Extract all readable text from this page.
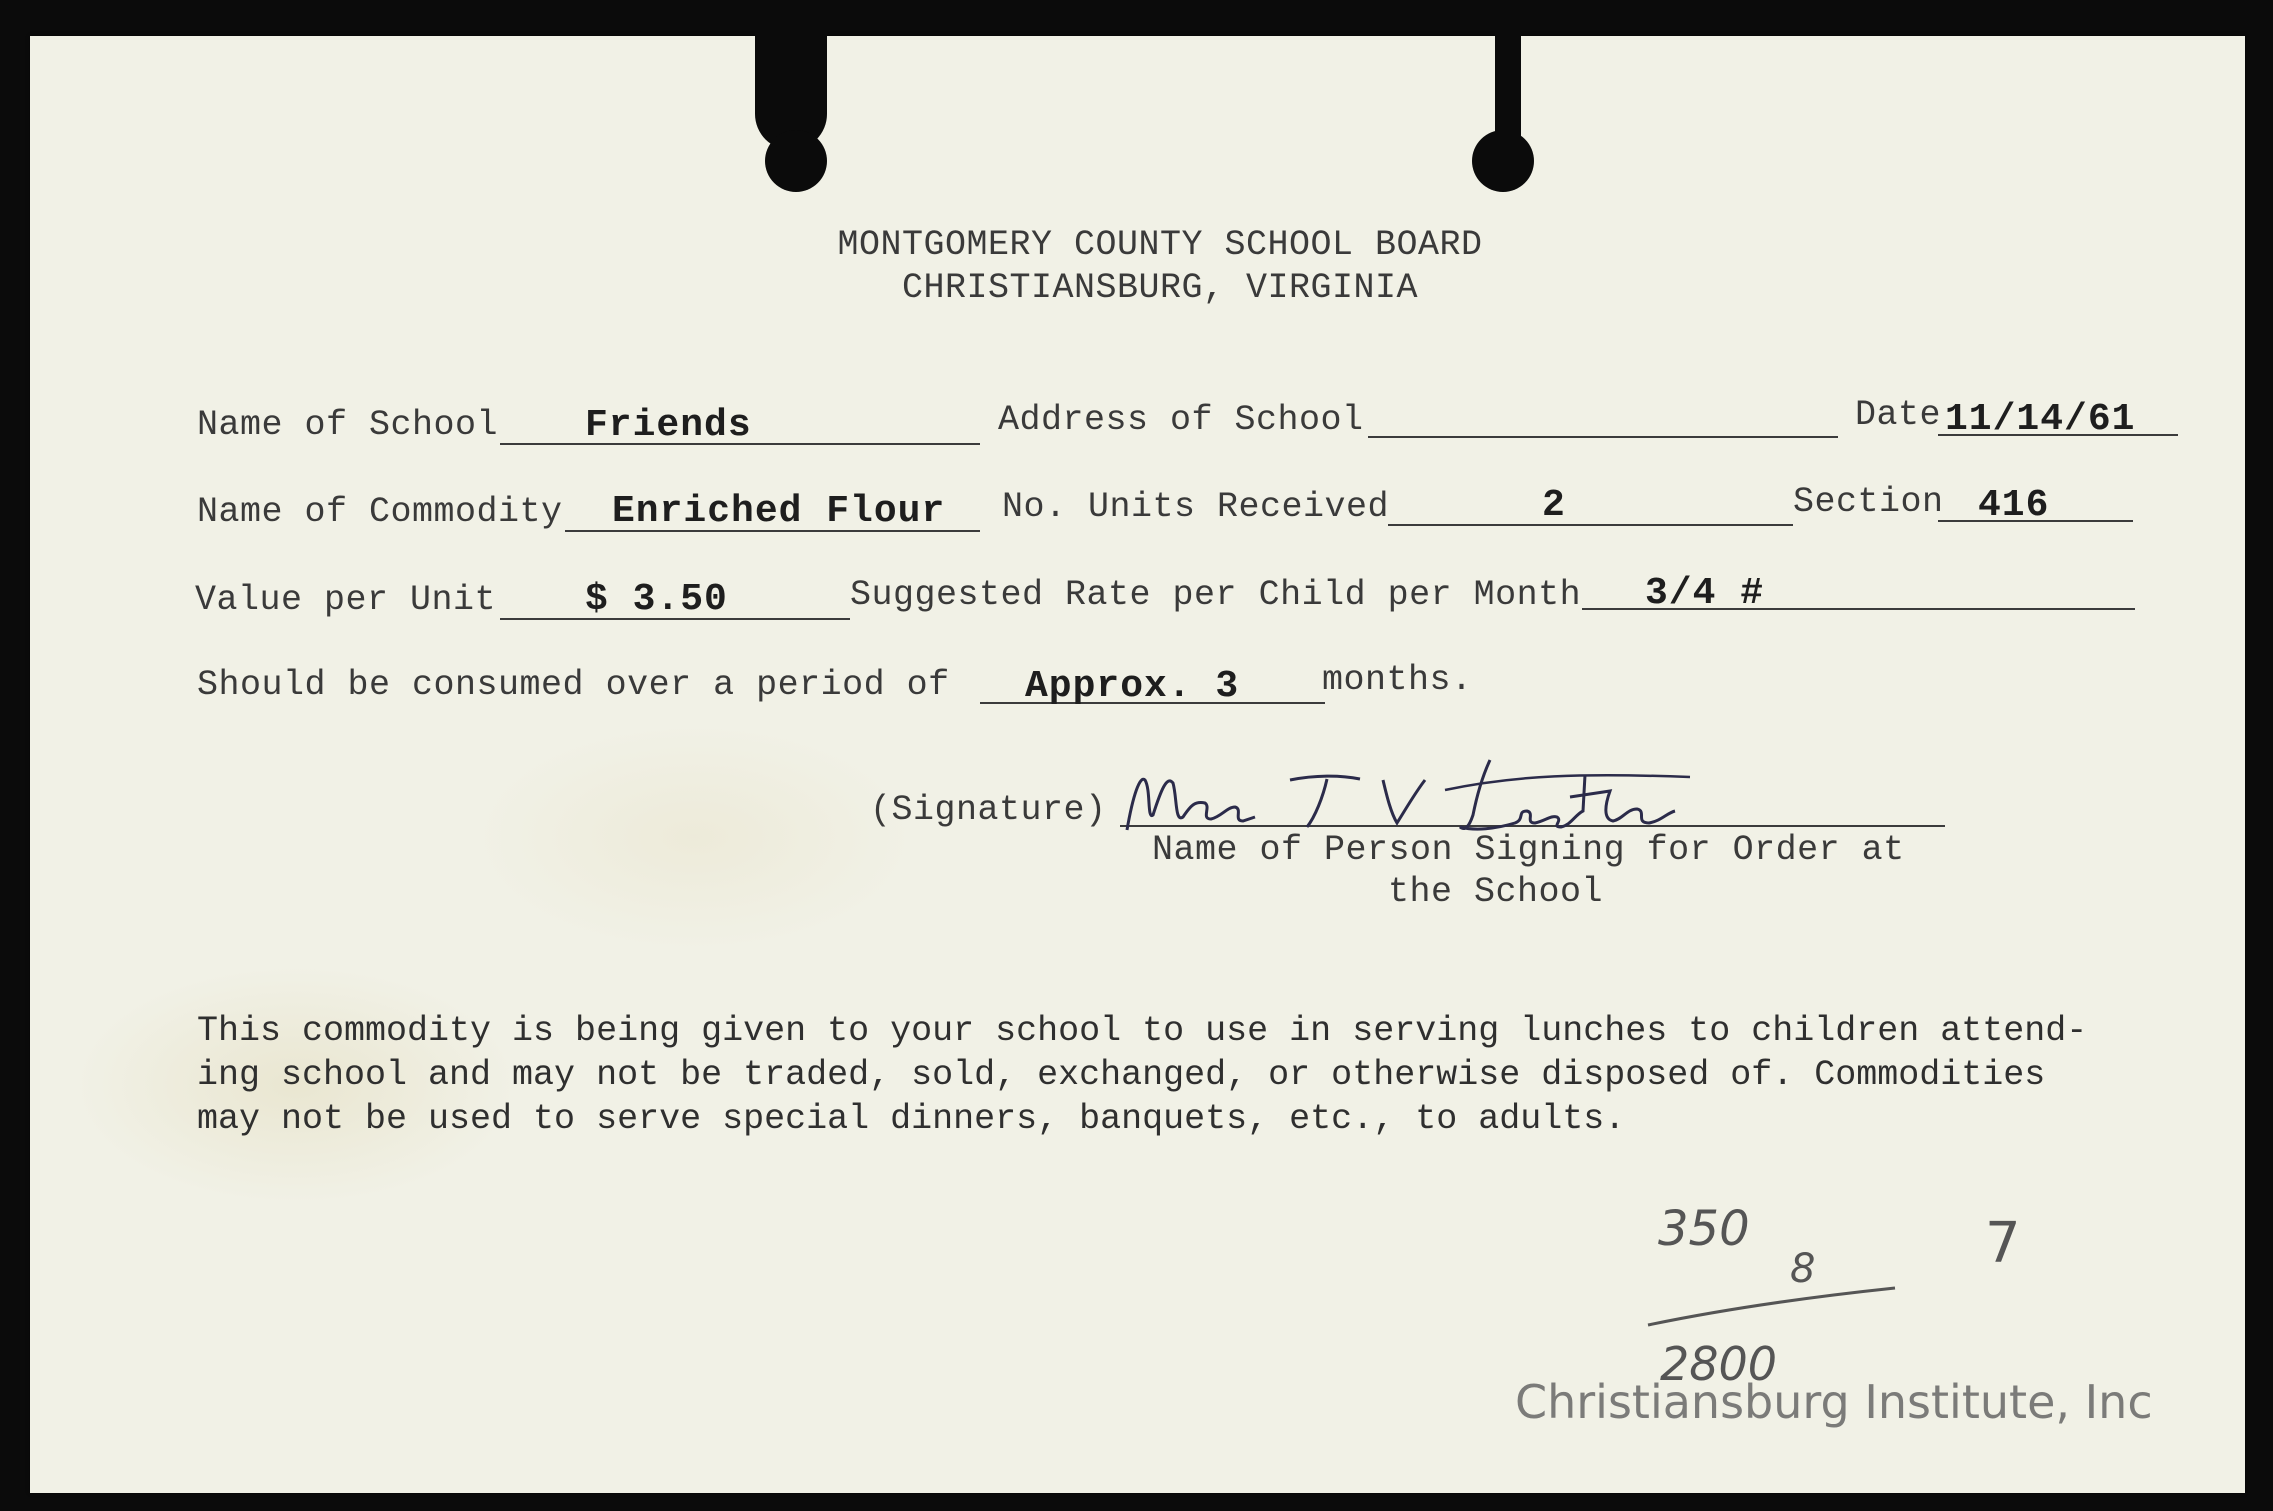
MONTGOMERY COUNTY SCHOOL BOARD
CHRISTIANSBURG, VIRGINIA
Name of School Friends	Address of School	Date 11/14/61
Name of Commodity Enriched Flour No. Units Received	2	Section 416
Value per Unit $ 3.50	Suggested Rate per Child per Month 3/4 #
Should be consumed over a period of Approx. 3 months.
(Signature)
Mrs T. V. Lester
Name of Person Signing for Order at
the School
This commodity is being given to your school to use in serving lunches to children attend-
ing school and may not be traded, sold, exchanged, or otherwise disposed of. Commodities
may not be used to serve special dinners, banquets, etc., to adults.
350
8
2800
7
Christiansburg Institute, Inc
